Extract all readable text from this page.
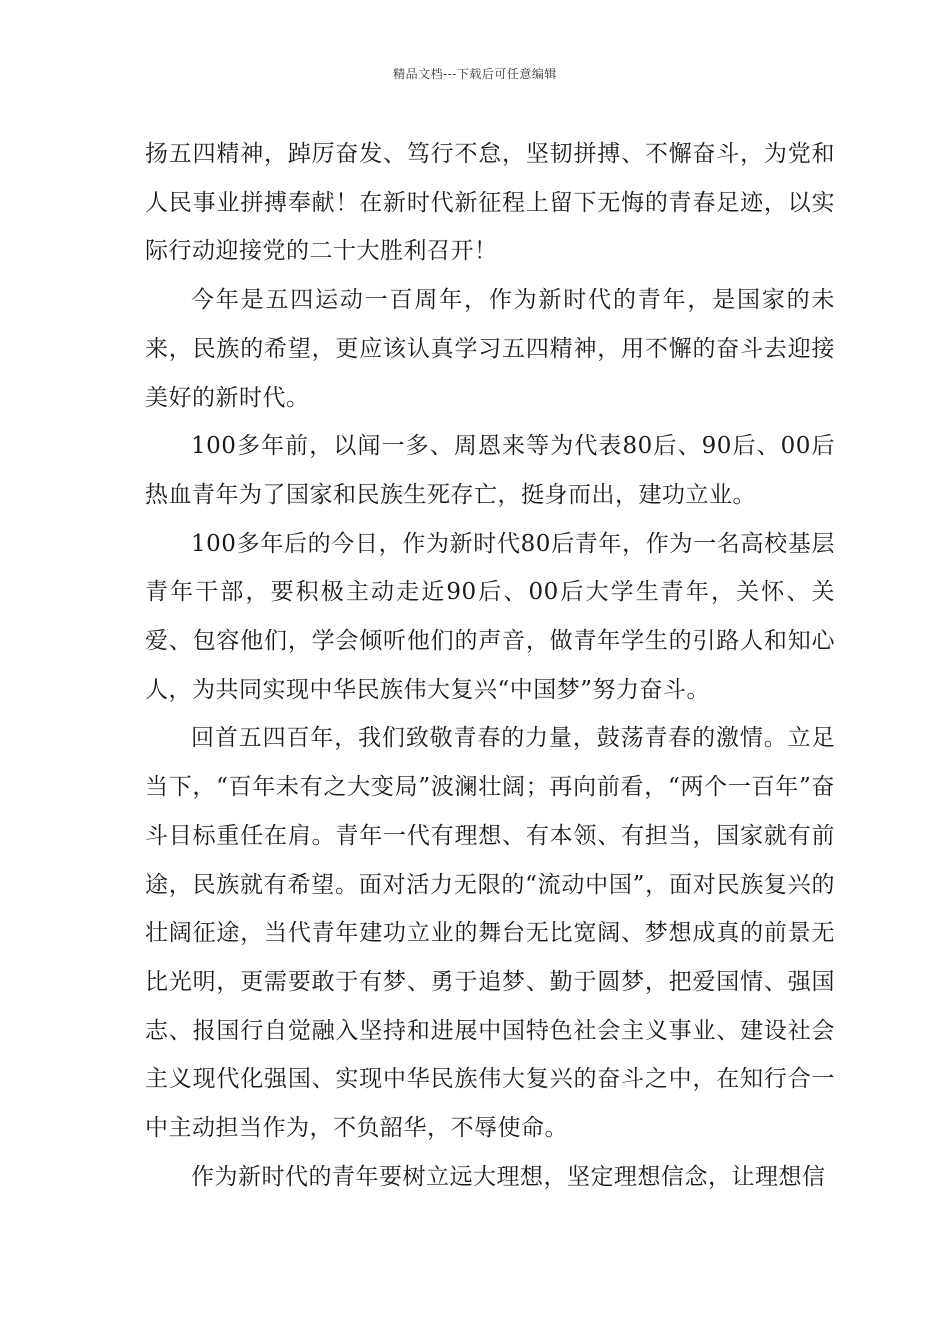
精品文档---下载后可任意编辑

扬五四精神，踔厉奋发、笃行不怠，坚韧拼搏、不懈奋斗，为党和人民事业拼搏奉献！在新时代新征程上留下无悔的青春足迹，以实际行动迎接党的二十大胜利召开！

今年是五四运动一百周年，作为新时代的青年，是国家的未来，民族的希望，更应该认真学习五四精神，用不懈的奋斗去迎接美好的新时代。

100多年前，以闻一多、周恩来等为代表80后、90后、00后热血青年为了国家和民族生死存亡，挺身而出，建功立业。

100多年后的今日，作为新时代80后青年，作为一名高校基层青年干部，要积极主动走近90后、00后大学生青年，关怀、关爱、包容他们，学会倾听他们的声音，做青年学生的引路人和知心人，为共同实现中华民族伟大复兴“中国梦”努力奋斗。

回首五四百年，我们致敬青春的力量，鼓荡青春的激情。立足当下，“百年未有之大变局”波澜壮阔；再向前看，“两个一百年”奋斗目标重任在肩。青年一代有理想、有本领、有担当，国家就有前途，民族就有希望。面对活力无限的“流动中国”，面对民族复兴的壮阔征途，当代青年建功立业的舞台无比宽阔、梦想成真的前景无比光明，更需要敢于有梦、勇于追梦、勤于圆梦，把爱国情、强国志、报国行自觉融入坚持和进展中国特色社会主义事业、建设社会主义现代化强国、实现中华民族伟大复兴的奋斗之中，在知行合一中主动担当作为，不负韶华，不辱使命。

作为新时代的青年要树立远大理想，坚定理想信念，让理想信
